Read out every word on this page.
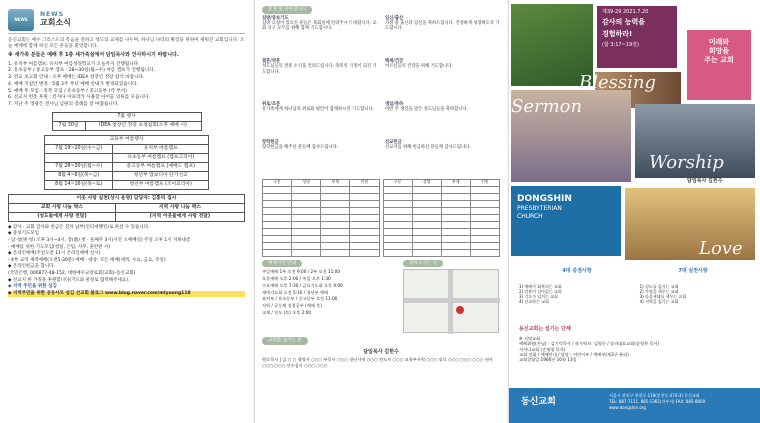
NEWS
NEWS
교회소식

동신교회는 예수 그리스도의 복음을 전하고 성도의 교제를 나누며, 하나님 나라의 확장을 위하여 세워진 교회입니다. 오늘 예배에 함께 하신 모든 분들을 환영합니다.

※ 새가족 분들은 예배 후 1층 새가족실에서 담임목사와 인사하시기 바랍니다.

1. 유치부 여름캠프: 유치부 여름성경학교가 오늘까지 진행됩니다.
2. 유초등부 / 중고등부 캠프 : 28~30일(월~수) 여름 캠프가 진행됩니다.
3. 전교 보고회 안내 : 오후 예배는 IDEA 청장년 정장 참석 바랍니다.
4. 예배 지침안 변경 : 5월 2주 부터 예배 안내가 변경되었습니다.
5. 예배 후 모임 : 축복 모임 / 유초등부 / 중고등부 (각 부서)
6. 선교지 헌옷 후원 : 킨샤다 아프리카 사용할 아이들 의류를 모읍니다.
7. 지난 주 영광은 전사님 남편의 장례를 잘 마쳤습니다.
7월 행사
7월 30일	IDEA 청장년 정장 초청집회(오후 예배 시)
교육부 여름행사	
7월 19~20일(수~금)	유치부 여름캠프
	유초등부 여름캠프 (캠프고리아)
7월 28~30일(월~수)	중고등부 여름캠프 (예배드 캠프)
8월 4~6일(목~금)	청년부 캄보디아 단기선교
8월 14~16일(목~토)	청년부 여름캠프 (조이교리아)
이웃 사랑 실천(상시 운영) 담당자: 김홍덕 집사	
교회 사랑 나눔 박스	지역 사랑 나눔 박스
(성도들에게 사랑 전달)	(지역 이웃들에게 사랑 전달)
◆ 감사 · 교회 감사와 헌금은 전자 납부(인터넷뱅킹)로 하실 수 있습니다.
◆ 중보기도모임
- 남·청(男·청) 오후 3시~4시, 장(週) 첫 · 둘째주 3시(시간 소예배실) 주일 오후 1시 지하대층
- 예배를 위한 기도모임(청팀, 은팀, 사무, 훈련관 사)
◆ 온라인예배(주일오전 11시 온라인예배 실시)
- 4부 교역 새벽예배(오전5:30분) 예배 · 대상: 모든 예배(새벽, 수요, 금요, 주일)
◆ 온라인헌금을 합니다.
(국민은행, 000877-48-152, 대한예수교장로회(교회)-동신교회)
◆ 선교지 한 가정을 후원합니다(기도와 물질로 협력해주세요).
◆ 지역 주민을 위한 섬김
◆ 지역주민을 위한 공동사모 섬김 선교회 블로그 www.blog.naver.com/mlyoung118
환영 및 축하합니다
심방/중보기도
심방 요청이 있으신 분들은 목회실에 알려주시기 바랍니다. 교회 식구 모두를 위해 함께 기도합시다.
임신/출산
가정 중 출산과 임신을 축하드립니다. 건강하게 성장하도록 기도합시다.
결혼/약혼
성도님들의 결혼 소식을 알려드립니다. 축복의 가정이 되길 기도합니다.
백세/건강
어르신들의 건강을 위해 기도합니다.
위로/조문
유가족에게 하나님의 위로와 평안이 함께하시길 기도합니다.
생일/축하
이번 주 생일을 맞은 성도님들을 축하합니다.
장학헌금
장학헌금을 해주신 분들께 감사드립니다.
선교헌금
선교지를 위해 헌금하신 분들께 감사드립니다.
구분	성명	부제	인원

				구분	성명	부제	인원

예배시간 안내
주일예배 1부 오전 9:00 / 2부 오전 11:00
오후예배 오후 2:00 / 주일 오후 1:30
수요예배 오후 7:30 / 금요기도회 오후 9:00
새벽기도회 오전 5:30 / 청년부 예배
유치부 / 유초등부 / 중고등부 오전 11:00
사역 / 공동체 성경공부 (예배 후)
교제 / 전도 (토) 오후 2:00
찾아오시는 길
교회를 섬기는 분
담임목사 김헌수
원로목사 | 김 ○ ○ 행정사 ○○○ 부목사 ○○○ 청년사역 ○○○ 전도사 ○○○ 교육부사역 ○○○ 장로 ○○○ ○○○ ○○○ 권사 ○○○ ○○○ 안수집사 ○○○ ○○○
제39-29 2021.7.20
감사의 능력을
경험하라!
(합 3:17~19절)	미래와
희망을
주는 교회
Blessing
Sermon
Worship
DONGSHIN
PRESBYTERIAN
CHURCH
담임목사 김헌수
Love
4대 중점사항	7대 실천사항
1) 예배가 회복되는 교회
2) 말씀이 살아있는 교회
3) 기도가 넘치는 교회
4) 선교하는 교회
1) 성도를 섬기는 교회
2) 가정을 세우는 교회
3) 다음세대를 세우는 교회
4) 지역을 섬기는 교회
동신교회는 섬기는 단체
※ 지역교회
예배위원(손님) : 김기덕목사 / 작사역자: 김영순 / 송파대표교회(송영찬 목사)
서서나교회 (손재영 목사)
교회 전화 / 예배안내 / 담당 : 어린이부 / 예배부(제3구 분리)
교회창립일 1966년 10월 13일
동신교회
서울시 관악구 봉천로 119(봉천동 474-3) 동신교회
TEL: 887-7111, 885-1361(각부서) FAX: 885-8600
www.dongshin.org
